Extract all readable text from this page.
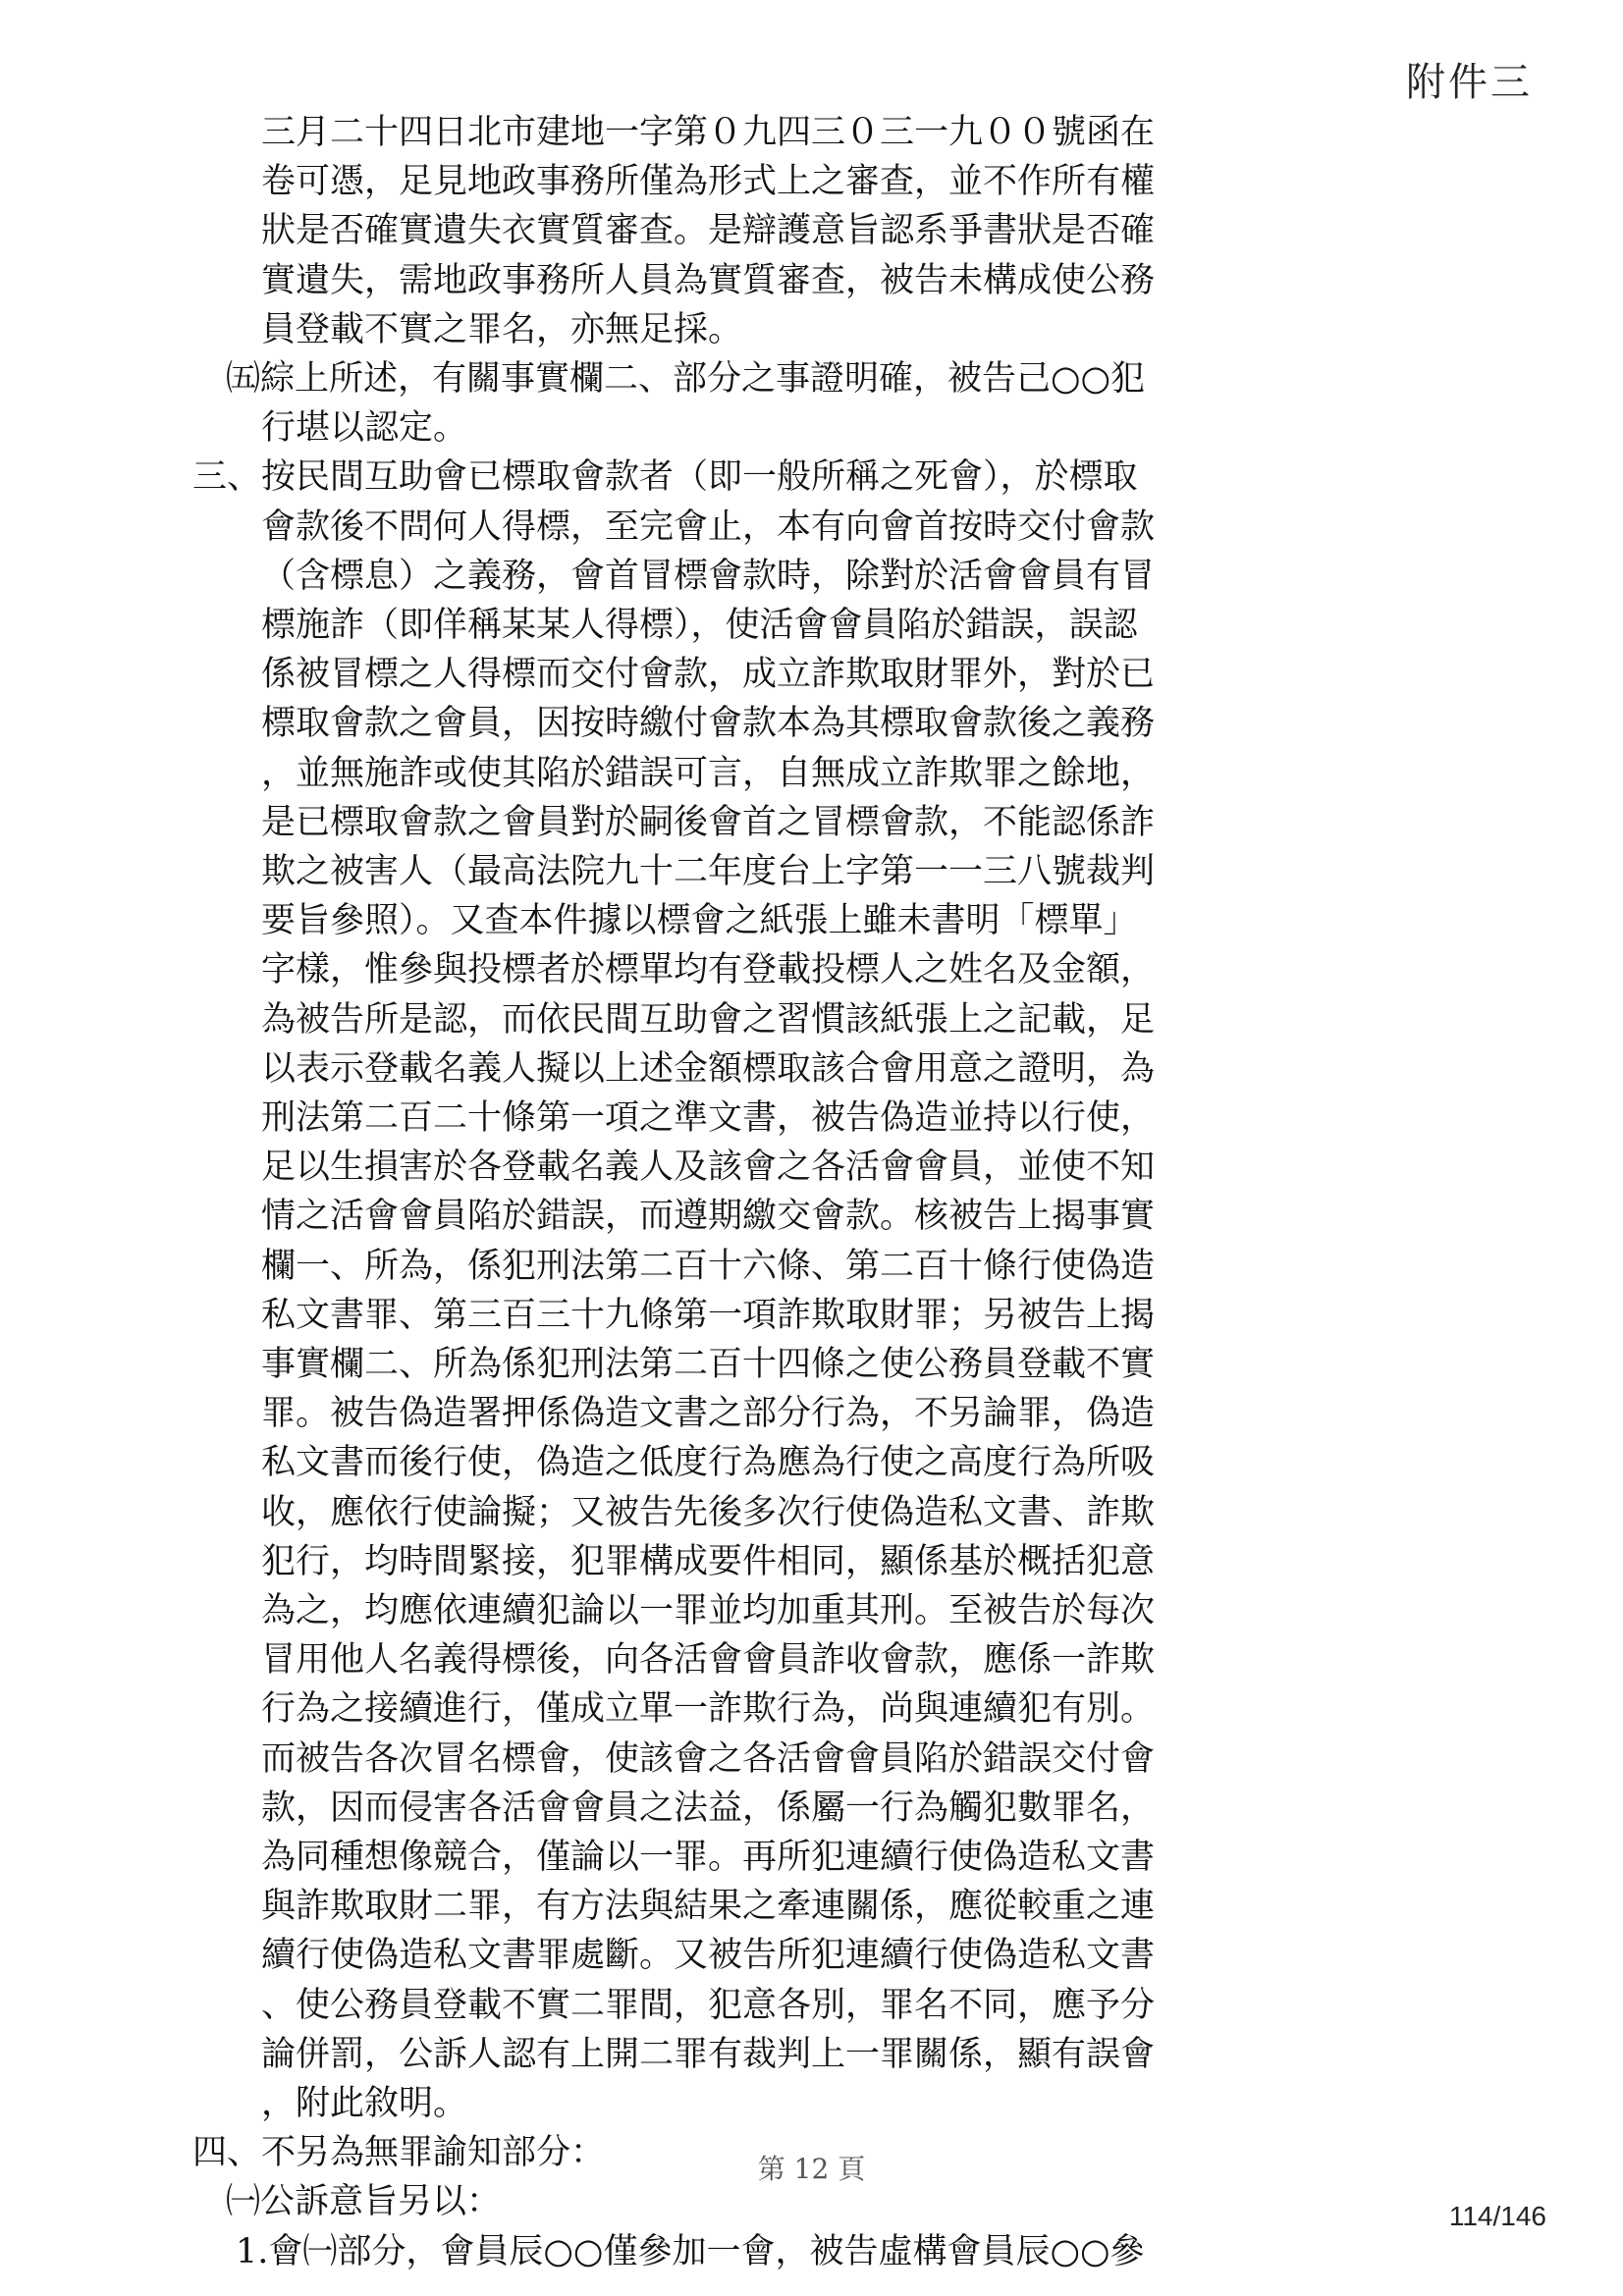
附件三
三月二十四日北市建地一字第０九四三０三一九００號函在
卷可憑，足見地政事務所僅為形式上之審查，並不作所有權
狀是否確實遺失衣實質審查。是辯護意旨認系爭書狀是否確
實遺失，需地政事務所人員為實質審查，被告未構成使公務
員登載不實之罪名，亦無足採。
㈤綜上所述，有關事實欄二、部分之事證明確，被告己○○犯
行堪以認定。
三、按民間互助會已標取會款者（即一般所稱之死會），於標取
會款後不問何人得標，至完會止，本有向會首按時交付會款
（含標息）之義務，會首冒標會款時，除對於活會會員有冒
標施詐（即佯稱某某人得標），使活會會員陷於錯誤，誤認
係被冒標之人得標而交付會款，成立詐欺取財罪外，對於已
標取會款之會員，因按時繳付會款本為其標取會款後之義務
，並無施詐或使其陷於錯誤可言，自無成立詐欺罪之餘地，
是已標取會款之會員對於嗣後會首之冒標會款，不能認係詐
欺之被害人（最高法院九十二年度台上字第一一三八號裁判
要旨參照）。又查本件據以標會之紙張上雖未書明「標單」
字樣，惟參與投標者於標單均有登載投標人之姓名及金額，
為被告所是認，而依民間互助會之習慣該紙張上之記載，足
以表示登載名義人擬以上述金額標取該合會用意之證明，為
刑法第二百二十條第一項之準文書，被告偽造並持以行使，
足以生損害於各登載名義人及該會之各活會會員，並使不知
情之活會會員陷於錯誤，而遵期繳交會款。核被告上揭事實
欄一、所為，係犯刑法第二百十六條、第二百十條行使偽造
私文書罪、第三百三十九條第一項詐欺取財罪；另被告上揭
事實欄二、所為係犯刑法第二百十四條之使公務員登載不實
罪。被告偽造署押係偽造文書之部分行為，不另論罪，偽造
私文書而後行使，偽造之低度行為應為行使之高度行為所吸
收，應依行使論擬；又被告先後多次行使偽造私文書、詐欺
犯行，均時間緊接，犯罪構成要件相同，顯係基於概括犯意
為之，均應依連續犯論以一罪並均加重其刑。至被告於每次
冒用他人名義得標後，向各活會會員詐收會款，應係一詐欺
行為之接續進行，僅成立單一詐欺行為，尚與連續犯有別。
而被告各次冒名標會，使該會之各活會會員陷於錯誤交付會
款，因而侵害各活會會員之法益，係屬一行為觸犯數罪名，
為同種想像競合，僅論以一罪。再所犯連續行使偽造私文書
與詐欺取財二罪，有方法與結果之牽連關係，應從較重之連
續行使偽造私文書罪處斷。又被告所犯連續行使偽造私文書
、使公務員登載不實二罪間，犯意各別，罪名不同，應予分
論併罰，公訴人認有上開二罪有裁判上一罪關係，顯有誤會
，附此敘明。
四、不另為無罪諭知部分：
㈠公訴意旨另以：
1.會㈠部分，會員辰○○僅參加一會，被告虛構會員辰○○參
第 12 頁
114/146
